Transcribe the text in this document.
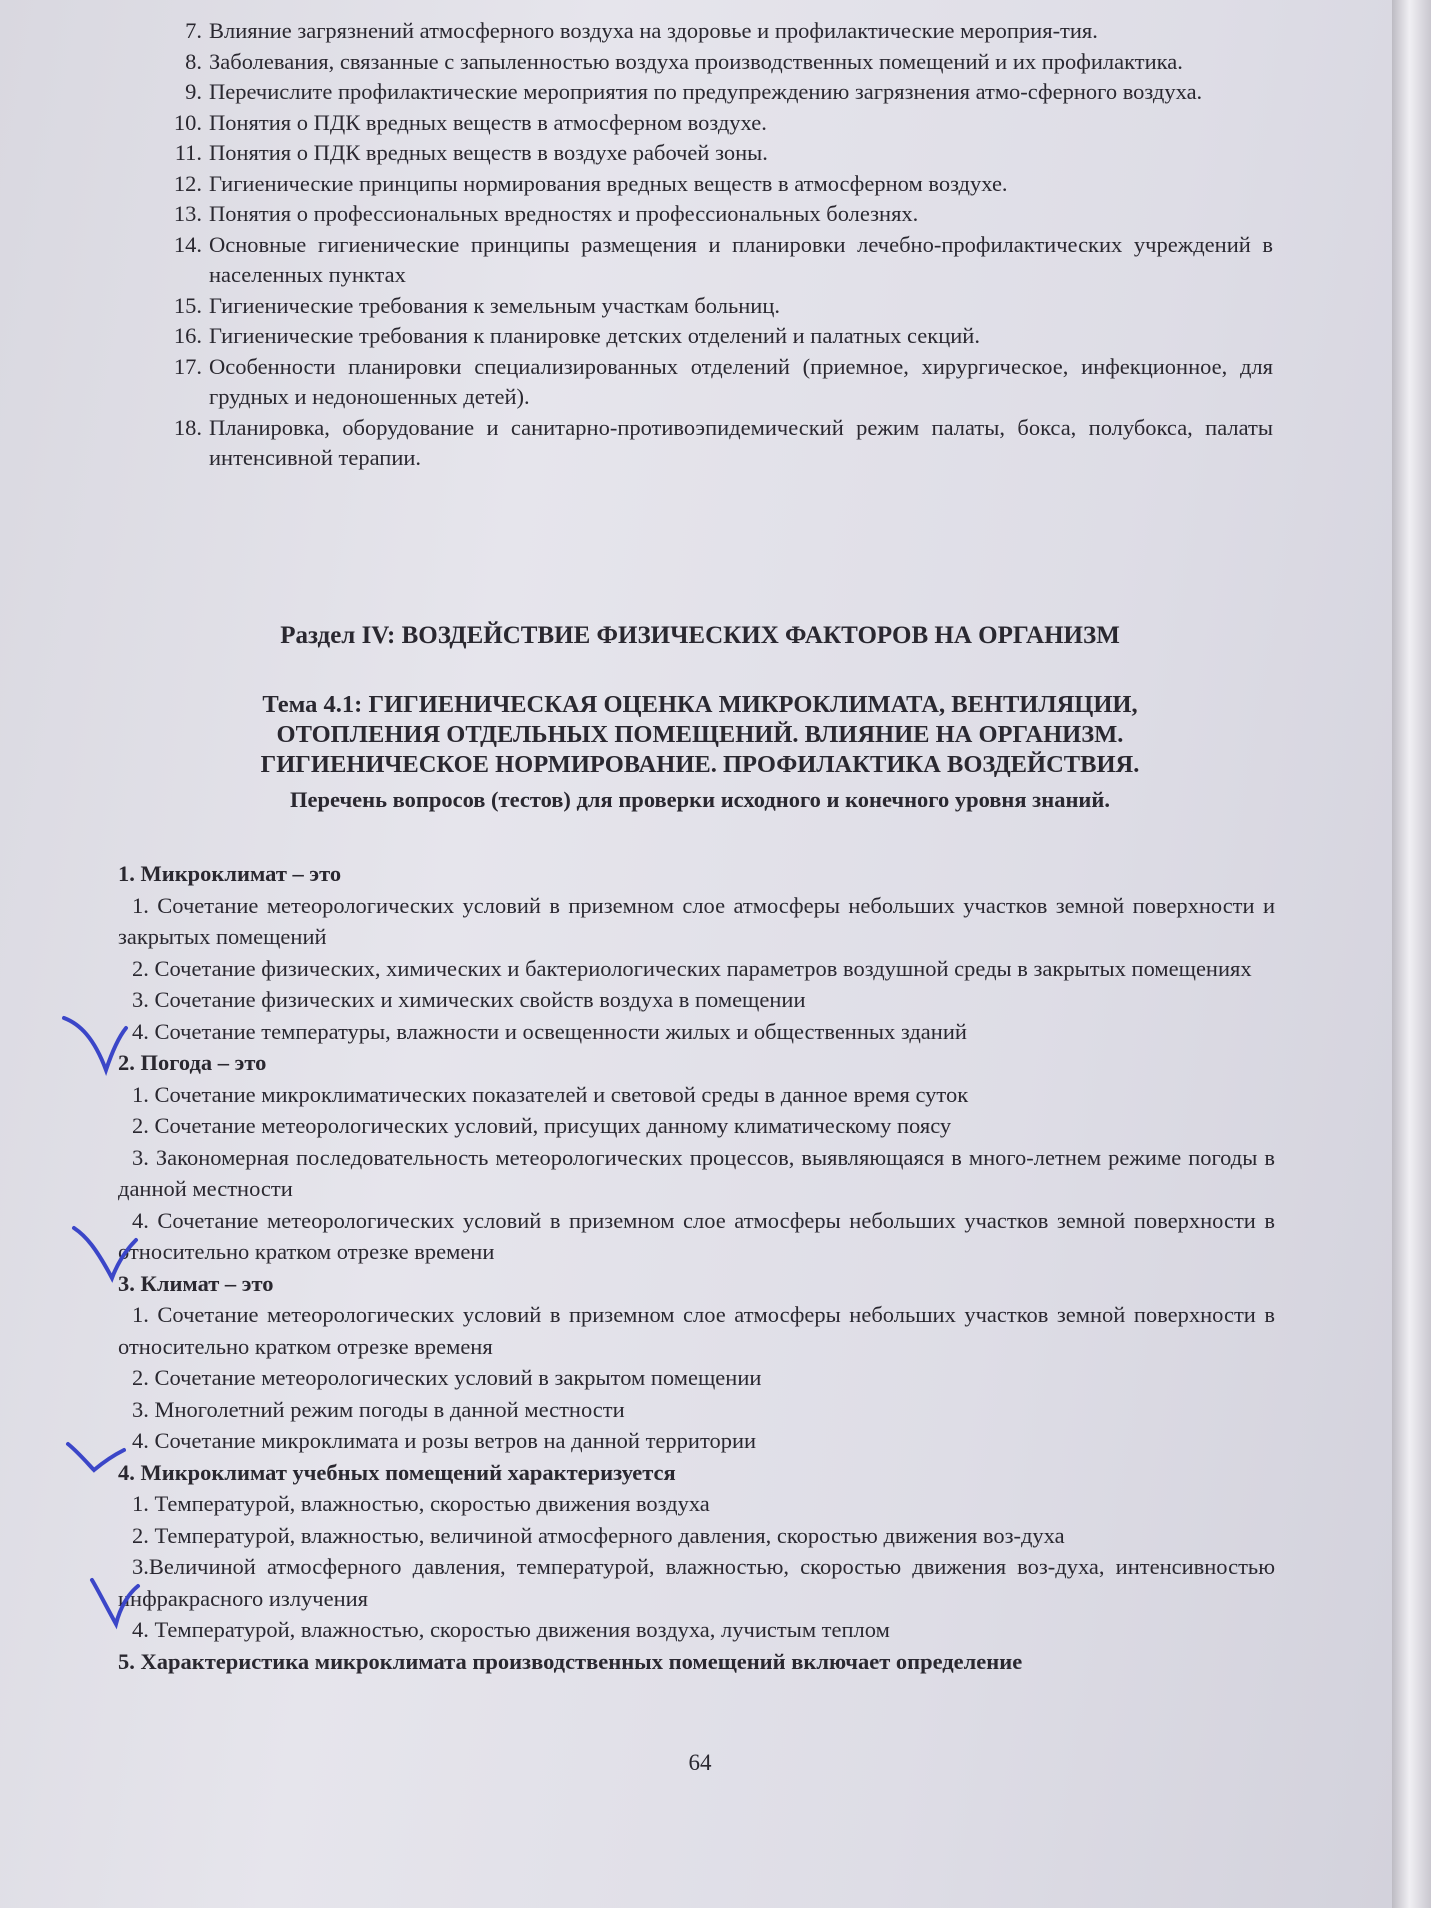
7. Влияние загрязнений атмосферного воздуха на здоровье и профилактические мероприя-тия.
8. Заболевания, связанные с запыленностью воздуха производственных помещений и их профилактика.
9. Перечислите профилактические мероприятия по предупреждению загрязнения атмо-сферного воздуха.
10. Понятия о ПДК вредных веществ в атмосферном воздухе.
11. Понятия о ПДК вредных веществ в воздухе рабочей зоны.
12. Гигиенические принципы нормирования вредных веществ в атмосферном воздухе.
13. Понятия о профессиональных вредностях и профессиональных болезнях.
14. Основные гигиенические принципы размещения и планировки лечебно-профилактических учреждений в населенных пунктах
15. Гигиенические требования к земельным участкам больниц.
16. Гигиенические требования к планировке детских отделений и палатных секций.
17. Особенности планировки специализированных отделений (приемное, хирургическое, инфекционное, для грудных и недоношенных детей).
18. Планировка, оборудование и санитарно-противоэпидемический режим палаты, бокса, полубокса, палаты интенсивной терапии.
Раздел IV: ВОЗДЕЙСТВИЕ ФИЗИЧЕСКИХ ФАКТОРОВ НА ОРГАНИЗМ
Тема 4.1: ГИГИЕНИЧЕСКАЯ ОЦЕНКА МИКРОКЛИМАТА, ВЕНТИЛЯЦИИ,
ОТОПЛЕНИЯ ОТДЕЛЬНЫХ ПОМЕЩЕНИЙ. ВЛИЯНИЕ НА ОРГАНИЗМ.
ГИГИЕНИЧЕСКОЕ НОРМИРОВАНИЕ. ПРОФИЛАКТИКА ВОЗДЕЙСТВИЯ.
Перечень вопросов (тестов) для проверки исходного и конечного уровня знаний.
1. Микроклимат – это
1. Сочетание метеорологических условий в приземном слое атмосферы небольших участков земной поверхности и закрытых помещений
2. Сочетание физических, химических и бактериологических параметров воздушной среды в закрытых помещениях
3. Сочетание физических и химических свойств воздуха в помещении
4. Сочетание температуры, влажности и освещенности жилых и общественных зданий
2. Погода – это
1. Сочетание микроклиматических показателей и световой среды в данное время суток
2. Сочетание метеорологических условий, присущих данному климатическому поясу
3. Закономерная последовательность метеорологических процессов, выявляющаяся в много-летнем режиме погоды в данной местности
4. Сочетание метеорологических условий в приземном слое атмосферы небольших участков земной поверхности в относительно кратком отрезке времени
3. Климат – это
1. Сочетание метеорологических условий в приземном слое атмосферы небольших участков земной поверхности в относительно кратком отрезке временя
2. Сочетание метеорологических условий в закрытом помещении
3. Многолетний режим погоды в данной местности
4. Сочетание микроклимата и розы ветров на данной территории
4. Микроклимат учебных помещений характеризуется
1. Температурой, влажностью, скоростью движения воздуха
2. Температурой, влажностью, величиной атмосферного давления, скоростью движения воз-духа
3.Величиной атмосферного давления, температурой, влажностью, скоростью движения воз-духа, интенсивностью инфракрасного излучения
4. Температурой, влажностью, скоростью движения воздуха, лучистым теплом
5. Характеристика микроклимата производственных помещений включает определение
64
